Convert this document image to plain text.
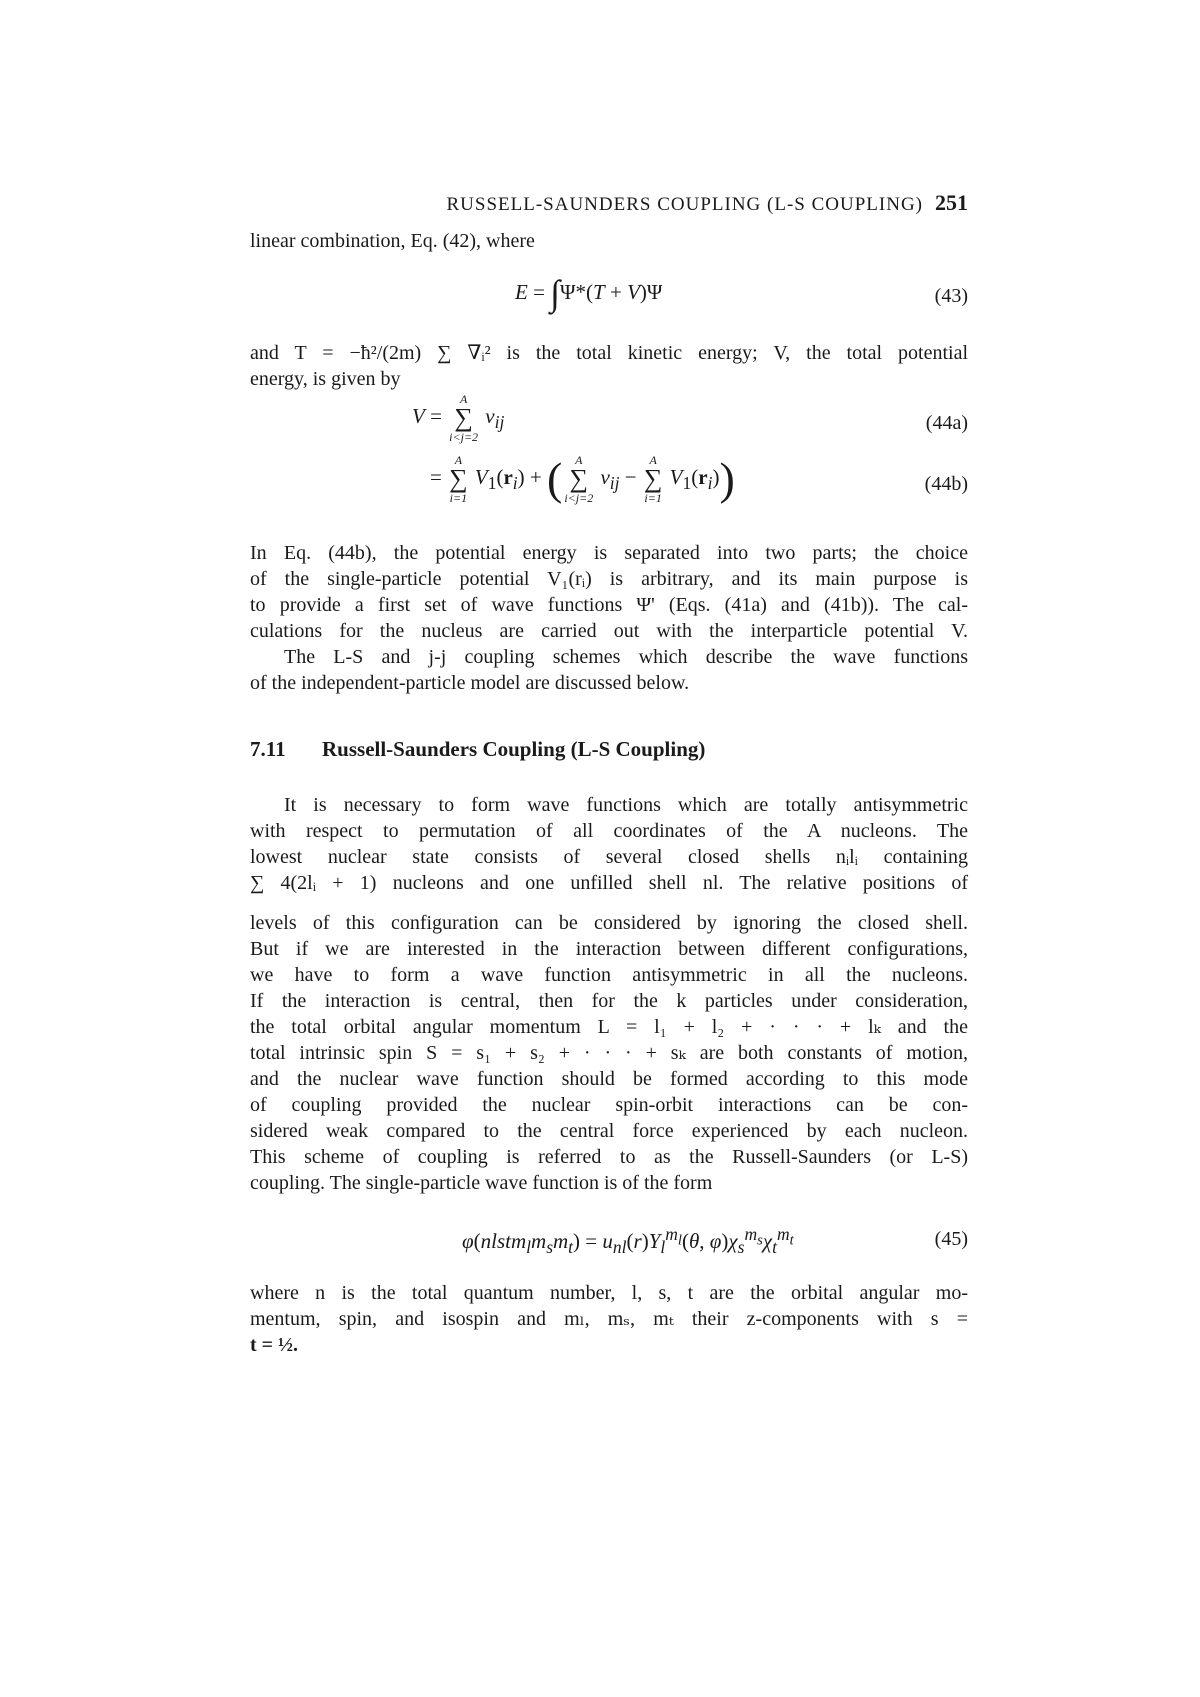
RUSSELL-SAUNDERS COUPLING (L-S COUPLING) 251
linear combination, Eq. (42), where
E = ∫Ψ*(T + V)Ψ	(43)
and T = −ħ²/(2m) ∑ ∇ᵢ² is the total kinetic energy; V, the total potential
energy, is given by
V =
A
∑
i<j=2
$v_{ij}$	(44a)
=
A
∑
i=1
$V_1(r_i)$ + (	A
∑
i<j=2
$v_{ij}$ −
A
∑
i=1
$V_1(r_i)$)	(44b)
In Eq. (44b), the potential energy is separated into two parts; the choice
of the single-particle potential V₁(rᵢ) is arbitrary, and its main purpose is
to provide a first set of wave functions Ψ' (Eqs. (41a) and (41b)). The cal-
culations for the nucleus are carried out with the interparticle potential V.
The L-S and j-j coupling schemes which describe the wave functions
of the independent-particle model are discussed below.
7.11 Russell-Saunders Coupling (L-S Coupling)
It is necessary to form wave functions which are totally antisymmetric
with respect to permutation of all coordinates of the A nucleons. The
lowest nuclear state consists of several closed shells nᵢlᵢ containing
∑ 4(2lᵢ + 1) nucleons and one unfilled shell nl. The relative positions of
levels of this configuration can be considered by ignoring the closed shell.
But if we are interested in the interaction between different configurations,
we have to form a wave function antisymmetric in all the nucleons.
If the interaction is central, then for the k particles under consideration,
the total orbital angular momentum L = l₁ + l₂ + · · · + lₖ and the
total intrinsic spin S = s₁ + s₂ + · · · + sₖ are both constants of motion,
and the nuclear wave function should be formed according to this mode
of coupling provided the nuclear spin-orbit interactions can be con-
sidered weak compared to the central force experienced by each nucleon.
This scheme of coupling is referred to as the Russell-Saunders (or L-S)
coupling. The single-particle wave function is of the form
$\varphi(nlstm_lm_sm_t) = u_{nl}(r)Y_l^{m_l}(\theta$, $\varphi)\chi_s^{m_s}\chi_t^{m_t}$	(45)
where n is the total quantum number, l, s, t are the orbital angular mo-
mentum, spin, and isospin and mₗ, mₛ, mₜ their z-components with s =
t = ½.
